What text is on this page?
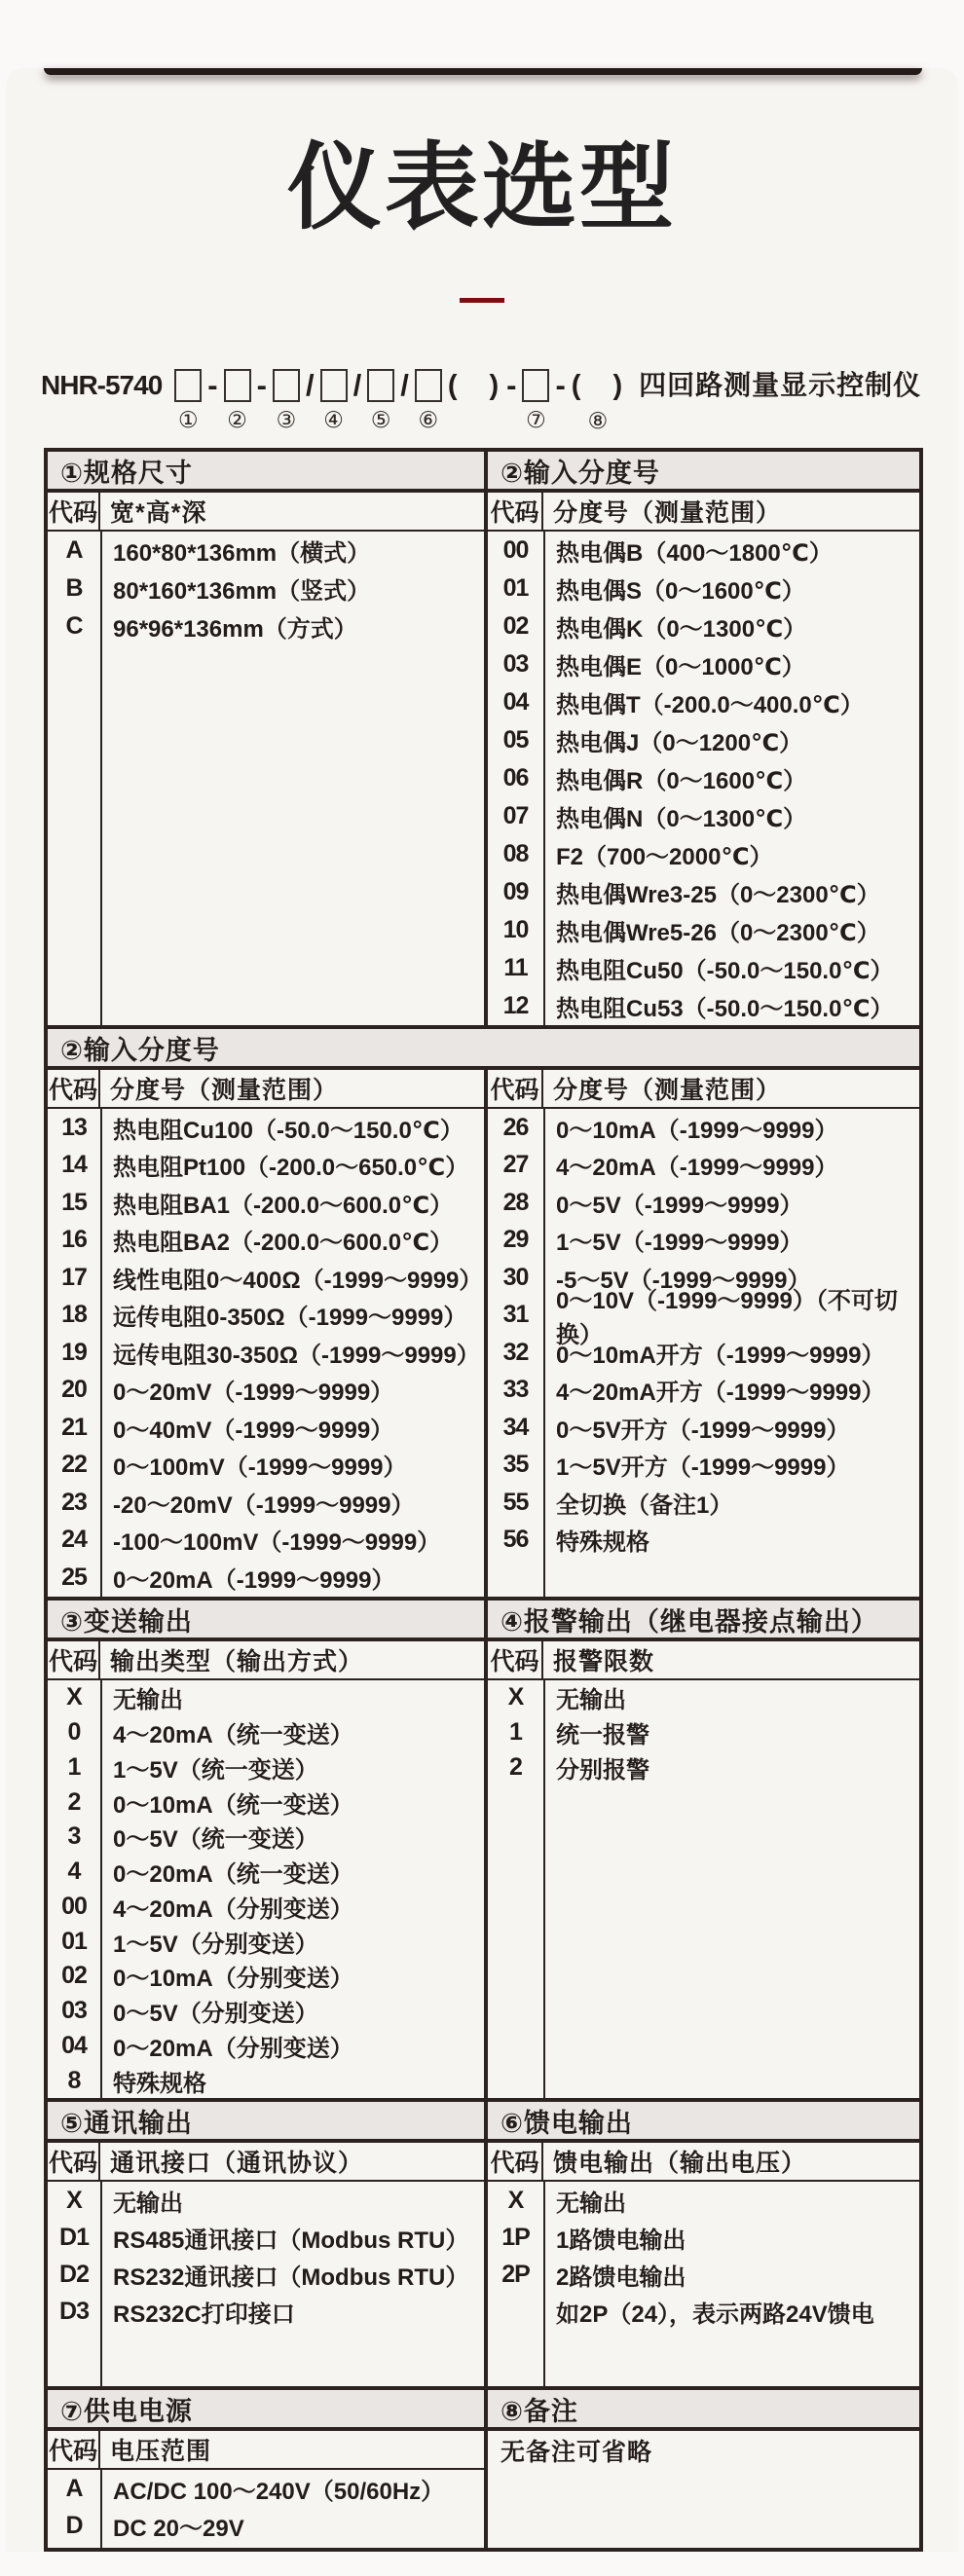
仪表选型
NHR-5740
①
-
②
-
③
/
④
/
⑤
/
⑥
(　) -
⑦
- (　)
⑧
四回路测量显示控制仪
①规格尺寸	②输入分度号
代码 宽*高*深
A	160*80*136mm（横式）
B	80*160*136mm（竖式）
C	96*96*136mm（方式）
代码 分度号（测量范围）
00	热电偶B（400～1800℃）
01	热电偶S（0～1600℃）
02	热电偶K（0～1300℃）
03	热电偶E（0～1000℃）
04	热电偶T（-200.0～400.0℃）
05	热电偶J（0～1200℃）
06	热电偶R（0～1600℃）
07	热电偶N（0～1300℃）
08	F2（700～2000℃）
09	热电偶Wre3-25（0～2300℃）
10	热电偶Wre5-26（0～2300℃）
11	热电阻Cu50（-50.0～150.0℃）
12	热电阻Cu53（-50.0～150.0℃）
②输入分度号
代码 分度号（测量范围）
13	热电阻Cu100（-50.0～150.0℃）
14	热电阻Pt100（-200.0～650.0℃）
15	热电阻BA1（-200.0～600.0℃）
16	热电阻BA2（-200.0～600.0℃）
17	线性电阻0～400Ω（-1999～9999）
18	远传电阻0-350Ω（-1999～9999）
19	远传电阻30-350Ω（-1999～9999）
20	0～20mV（-1999～9999）
21	0～40mV（-1999～9999）
22	0～100mV（-1999～9999）
23	-20～20mV（-1999～9999）
24	-100～100mV（-1999～9999）
25	0～20mA（-1999～9999）
代码 分度号（测量范围）
26	0～10mA（-1999～9999）
27	4～20mA（-1999～9999）
28	0～5V（-1999～9999）
29	1～5V（-1999～9999）
30	-5～5V（-1999～9999）
31	0～10V（-1999～9999）（不可切换）
32	0～10mA开方（-1999～9999）
33	4～20mA开方（-1999～9999）
34	0～5V开方（-1999～9999）
35	1～5V开方（-1999～9999）
55	全切换（备注1）
56	特殊规格
③变送输出	④报警输出（继电器接点输出）
代码 输出类型（输出方式）
X	无输出
0	4～20mA（统一变送）
1	1～5V（统一变送）
2	0～10mA（统一变送）
3	0～5V（统一变送）
4	0～20mA（统一变送）
00	4～20mA（分别变送）
01	1～5V（分别变送）
02	0～10mA（分别变送）
03	0～5V（分别变送）
04	0～20mA（分别变送）
8	特殊规格
代码 报警限数
X	无输出
1	统一报警
2	分别报警
⑤通讯输出	⑥馈电输出
代码 通讯接口（通讯协议）
X	无输出
D1	RS485通讯接口（Modbus RTU）
D2	RS232通讯接口（Modbus RTU）
D3	RS232C打印接口
代码 馈电输出（输出电压）
X	无输出
1P	1路馈电输出
2P	2路馈电输出
如2P（24），表示两路24V馈电
⑦供电电源	⑧备注
代码 电压范围
A	AC/DC 100～240V（50/60Hz）
D	DC 20～29V
无备注可省略
